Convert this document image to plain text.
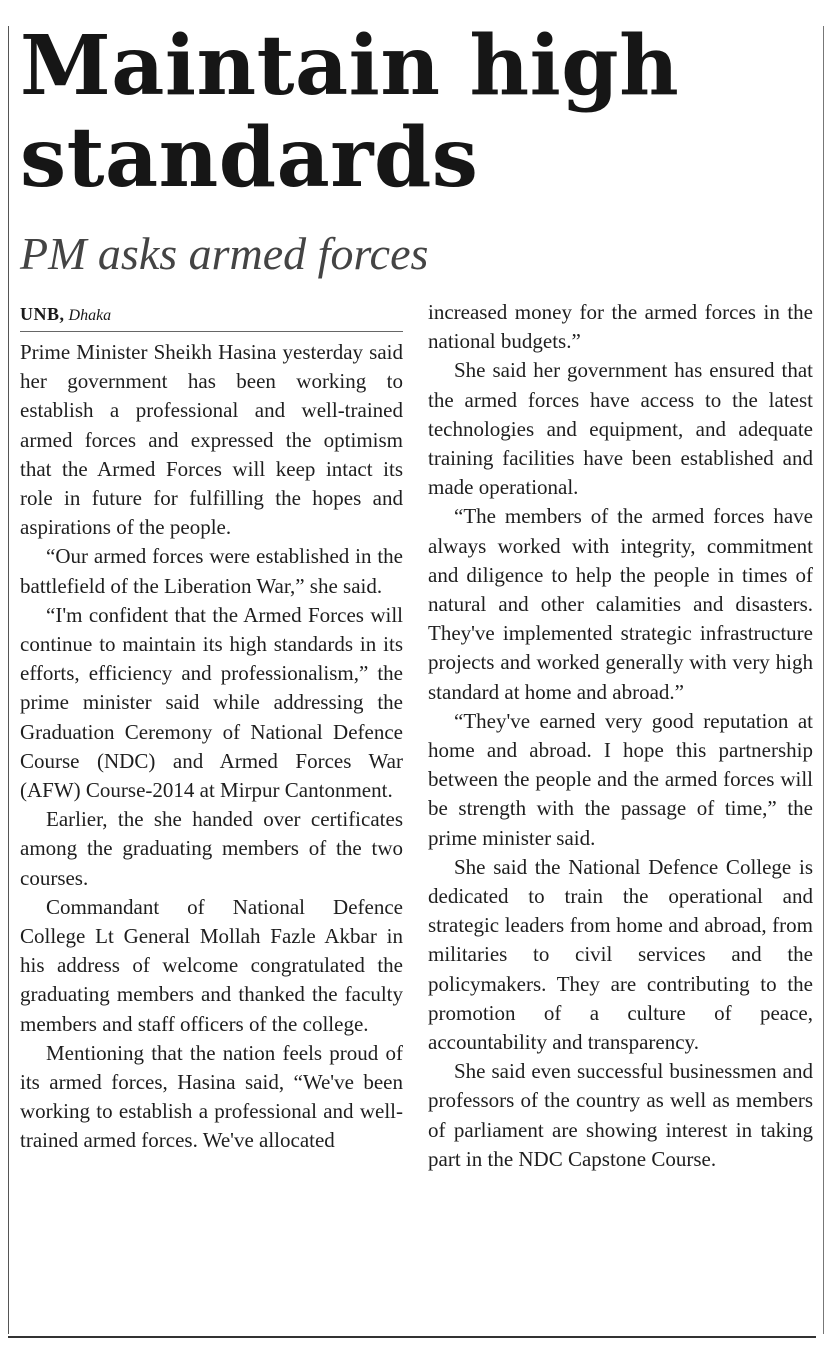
Maintain high standards
PM asks armed forces
UNB, Dhaka

Prime Minister Sheikh Hasina yesterday said her government has been working to establish a professional and well-trained armed forces and expressed the optimism that the Armed Forces will keep intact its role in future for fulfilling the hopes and aspirations of the people.

“Our armed forces were established in the battlefield of the Liberation War,” she said.

“I'm confident that the Armed Forces will continue to maintain its high standards in its efforts, efficiency and professionalism,” the prime minister said while addressing the Graduation Ceremony of National Defence Course (NDC) and Armed Forces War (AFW) Course-2014 at Mirpur Cantonment.

Earlier, the she handed over certificates among the graduating members of the two courses.

Commandant of National Defence College Lt General Mollah Fazle Akbar in his address of welcome congratulated the graduating members and thanked the faculty members and staff officers of the college.

Mentioning that the nation feels proud of its armed forces, Hasina said, “We've been working to establish a professional and well-trained armed forces. We've allocated

increased money for the armed forces in the national budgets.”

She said her government has ensured that the armed forces have access to the latest technologies and equipment, and adequate training facilities have been established and made operational.

“The members of the armed forces have always worked with integrity, commitment and diligence to help the people in times of natural and other calamities and disasters. They've implemented strategic infrastructure projects and worked generally with very high standard at home and abroad.”

“They've earned very good reputation at home and abroad. I hope this partnership between the people and the armed forces will be strength with the passage of time,” the prime minister said.

She said the National Defence College is dedicated to train the operational and strategic leaders from home and abroad, from militaries to civil services and the policymakers. They are contributing to the promotion of a culture of peace, accountability and transparency.

She said even successful businessmen and professors of the country as well as members of parliament are showing interest in taking part in the NDC Capstone Course.
